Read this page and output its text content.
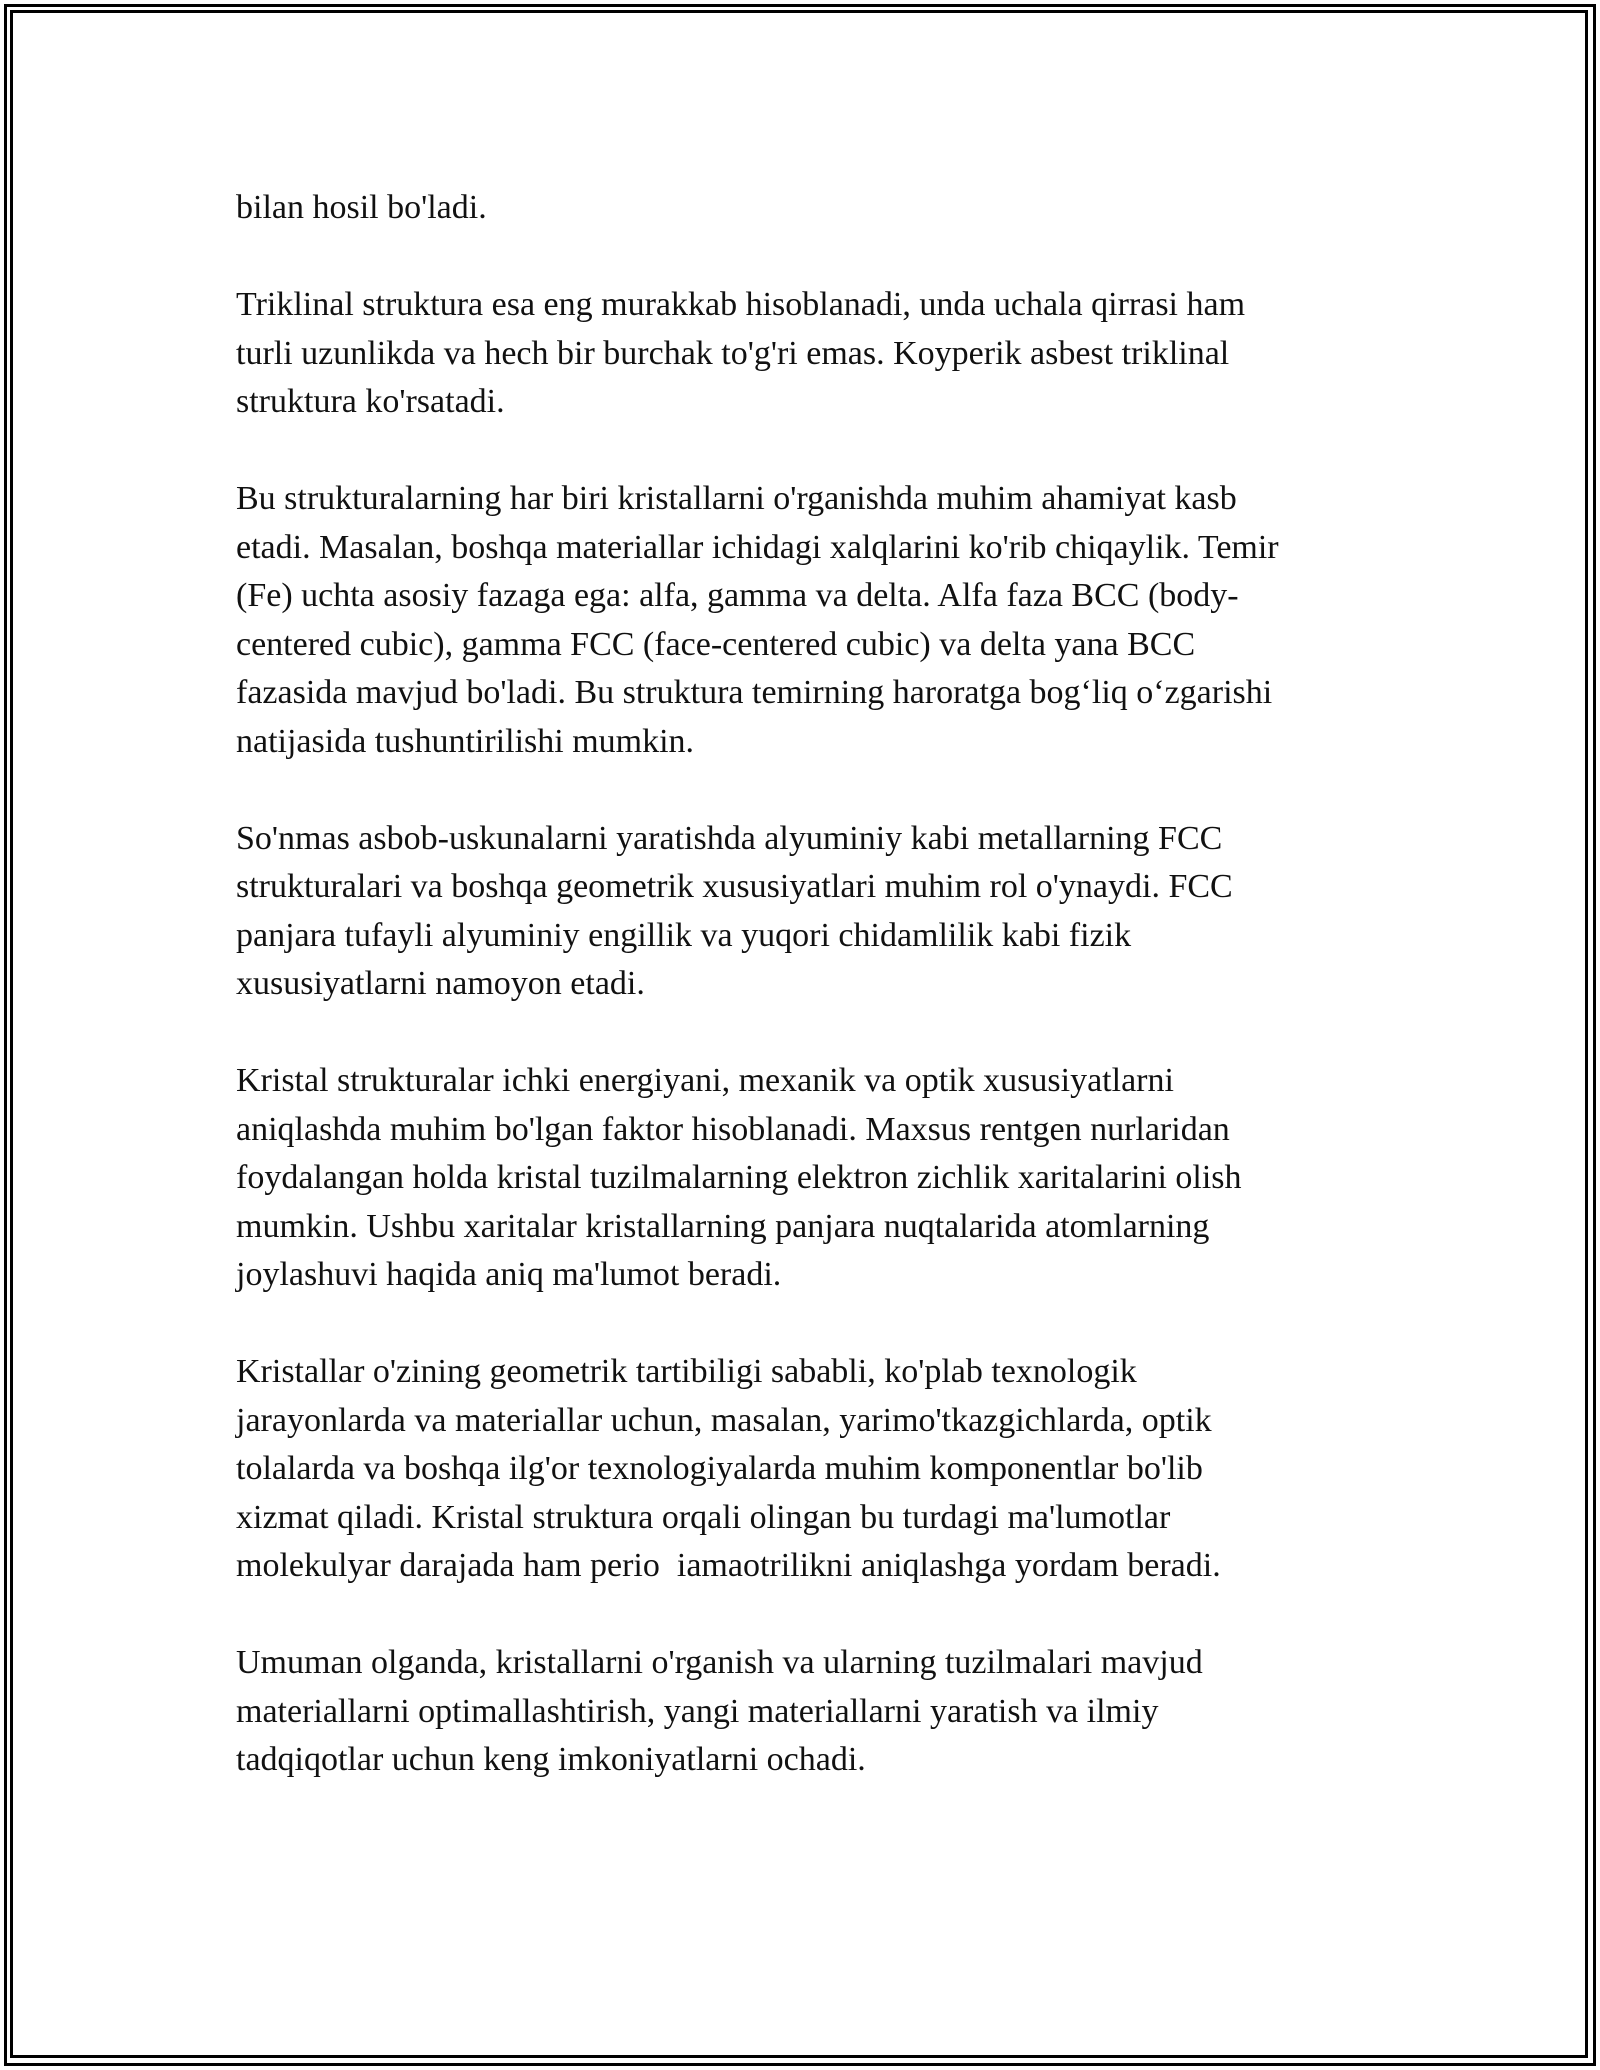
bilan hosil bo'ladi.

Triklinal struktura esa eng murakkab hisoblanadi, unda uchala qirrasi ham
turli uzunlikda va hech bir burchak to'g'ri emas. Koyperik asbest triklinal
struktura ko'rsatadi.

Bu strukturalarning har biri kristallarni o'rganishda muhim ahamiyat kasb
etadi. Masalan, boshqa materiallar ichidagi xalqlarini ko'rib chiqaylik. Temir
(Fe) uchta asosiy fazaga ega: alfa, gamma va delta. Alfa faza BCC (body-
centered cubic), gamma FCC (face-centered cubic) va delta yana BCC
fazasida mavjud bo'ladi. Bu struktura temirning haroratga bog‘liq o‘zgarishi
natijasida tushuntirilishi mumkin.

So'nmas asbob-uskunalarni yaratishda alyuminiy kabi metallarning FCC
strukturalari va boshqa geometrik xususiyatlari muhim rol o'ynaydi. FCC
panjara tufayli alyuminiy engillik va yuqori chidamlilik kabi fizik
xususiyatlarni namoyon etadi.

Kristal strukturalar ichki energiyani, mexanik va optik xususiyatlarni
aniqlashda muhim bo'lgan faktor hisoblanadi. Maxsus rentgen nurlaridan
foydalangan holda kristal tuzilmalarning elektron zichlik xaritalarini olish
mumkin. Ushbu xaritalar kristallarning panjara nuqtalarida atomlarning
joylashuvi haqida aniq ma'lumot beradi.

Kristallar o'zining geometrik tartibiligi sababli, ko'plab texnologik
jarayonlarda va materiallar uchun, masalan, yarimo'tkazgichlarda, optik
tolalarda va boshqa ilg'or texnologiyalarda muhim komponentlar bo'lib
xizmat qiladi. Kristal struktura orqali olingan bu turdagi ma'lumotlar
molekulyar darajada ham perio  iamaotrilikni aniqlashga yordam beradi.

Umuman olganda, kristallarni o'rganish va ularning tuzilmalari mavjud
materiallarni optimallashtirish, yangi materiallarni yaratish va ilmiy
tadqiqotlar uchun keng imkoniyatlarni ochadi.
